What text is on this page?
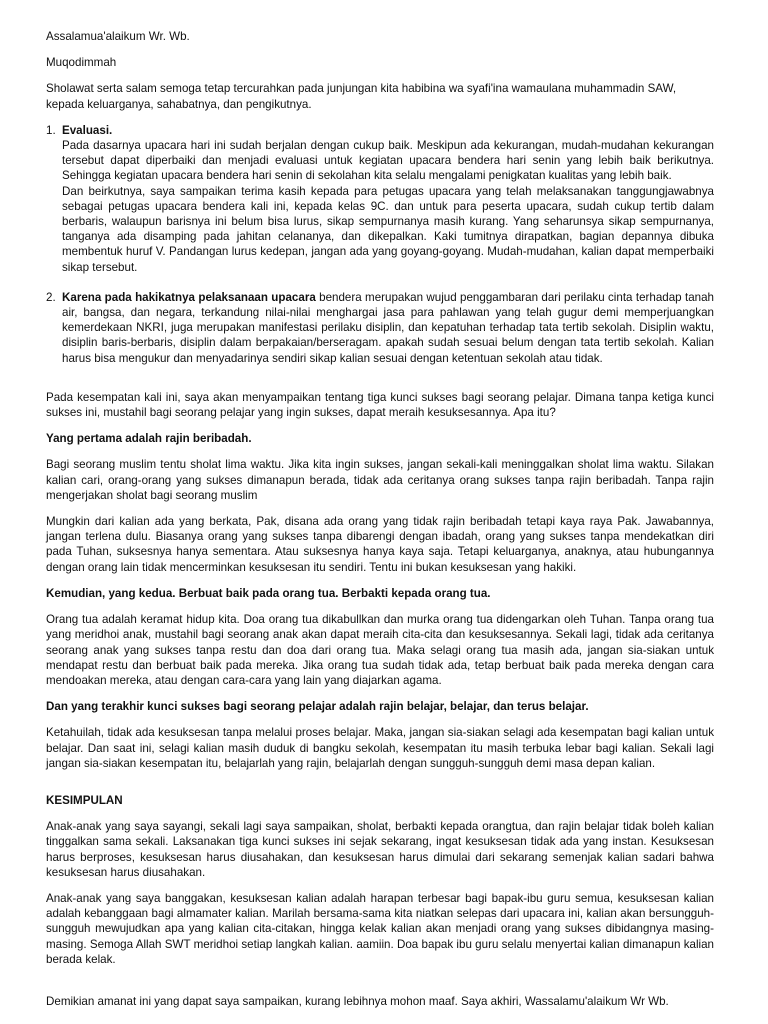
Assalamua'alaikum Wr. Wb.

Muqodimmah

Sholawat serta salam semoga tetap tercurahkan pada junjungan kita habibina wa syafi'ina wamaulana muhammadin SAW, kepada keluarganya, sahabatnya, dan pengikutnya.

1. Evaluasi.

Pada dasarnya upacara hari ini sudah berjalan dengan cukup baik. Meskipun ada kekurangan, mudah-mudahan kekurangan tersebut dapat diperbaiki dan menjadi evaluasi untuk kegiatan upacara bendera hari senin yang lebih baik berikutnya. Sehingga kegiatan upacara bendera hari senin di sekolahan kita selalu mengalami penigkatan kualitas yang lebih baik.

Dan beirkutnya, saya sampaikan terima kasih kepada para petugas upacara yang telah melaksanakan tanggungjawabnya sebagai petugas upacara bendera kali ini, kepada kelas 9C. dan untuk para peserta upacara, sudah cukup tertib dalam berbaris, walaupun barisnya ini belum bisa lurus, sikap sempurnanya masih kurang. Yang seharunsya sikap sempurnanya, tanganya ada disamping pada jahitan celananya, dan dikepalkan. Kaki tumitnya dirapatkan, bagian depannya dibuka membentuk huruf V. Pandangan lurus kedepan, jangan ada yang goyang-goyang. Mudah-mudahan, kalian dapat memperbaiki sikap tersebut.

2. Karena pada hakikatnya pelaksanaan upacara bendera merupakan wujud penggambaran dari perilaku cinta terhadap tanah air, bangsa, dan negara, terkandung nilai-nilai menghargai jasa para pahlawan yang telah gugur demi memperjuangkan kemerdekaan NKRI, juga merupakan manifestasi perilaku disiplin, dan kepatuhan terhadap tata tertib sekolah. Disiplin waktu, disiplin baris-berbaris, disiplin dalam berpakaian/berseragam. apakah sudah sesuai belum dengan tata tertib sekolah. Kalian harus bisa mengukur dan menyadarinya sendiri sikap kalian sesuai dengan ketentuan sekolah atau tidak.

Pada kesempatan kali ini, saya akan menyampaikan tentang tiga kunci sukses bagi seorang pelajar. Dimana tanpa ketiga kunci sukses ini, mustahil bagi seorang pelajar yang ingin sukses, dapat meraih kesuksesannya. Apa itu?

Yang pertama adalah rajin beribadah.

Bagi seorang muslim tentu sholat lima waktu. Jika kita ingin sukses, jangan sekali-kali meninggalkan sholat lima waktu. Silakan kalian cari, orang-orang yang sukses dimanapun berada, tidak ada ceritanya orang sukses tanpa rajin beribadah. Tanpa rajin mengerjakan sholat bagi seorang muslim

Mungkin dari kalian ada yang berkata, Pak, disana ada orang yang tidak rajin beribadah tetapi kaya raya Pak. Jawabannya, jangan terlena dulu. Biasanya orang yang sukses tanpa dibarengi dengan ibadah, orang yang sukses tanpa mendekatkan diri pada Tuhan, suksesnya hanya sementara. Atau suksesnya hanya kaya saja. Tetapi keluarganya, anaknya, atau hubungannya dengan orang lain tidak mencerminkan kesuksesan itu sendiri. Tentu ini bukan kesuksesan yang hakiki.

Kemudian, yang kedua. Berbuat baik pada orang tua. Berbakti kepada orang tua.

Orang tua adalah keramat hidup kita. Doa orang tua dikabullkan dan murka orang tua didengarkan oleh Tuhan. Tanpa orang tua yang meridhoi anak, mustahil bagi seorang anak akan dapat meraih cita-cita dan kesuksesannya. Sekali lagi, tidak ada ceritanya seorang anak yang sukses tanpa restu dan doa dari orang tua. Maka selagi orang tua masih ada, jangan sia-siakan untuk mendapat restu dan berbuat baik pada mereka. Jika orang tua sudah tidak ada, tetap berbuat baik pada mereka dengan cara mendoakan mereka, atau dengan cara-cara yang lain yang diajarkan agama.

Dan yang terakhir kunci sukses bagi seorang pelajar adalah rajin belajar, belajar, dan terus belajar.

Ketahuilah, tidak ada kesuksesan tanpa melalui proses belajar. Maka, jangan sia-siakan selagi ada kesempatan bagi kalian untuk belajar. Dan saat ini, selagi kalian masih duduk di bangku sekolah, kesempatan itu masih terbuka lebar bagi kalian. Sekali lagi jangan sia-siakan kesempatan itu, belajarlah yang rajin, belajarlah dengan sungguh-sungguh demi masa depan kalian.

KESIMPULAN

Anak-anak yang saya sayangi, sekali lagi saya sampaikan, sholat, berbakti kepada orangtua, dan rajin belajar tidak boleh kalian tinggalkan sama sekali. Laksanakan tiga kunci sukses ini sejak sekarang, ingat kesuksesan tidak ada yang instan. Kesuksesan harus berproses, kesuksesan harus diusahakan, dan kesuksesan harus dimulai dari sekarang semenjak kalian sadari bahwa kesuksesan harus diusahakan.

Anak-anak yang saya banggakan, kesuksesan kalian adalah harapan terbesar bagi bapak-ibu guru semua, kesuksesan kalian adalah kebanggaan bagi almamater kalian. Marilah bersama-sama kita niatkan selepas dari upacara ini, kalian akan bersungguh-sungguh mewujudkan apa yang kalian cita-citakan, hingga kelak kalian akan menjadi orang yang sukses dibidangnya masing-masing. Semoga Allah SWT meridhoi setiap langkah kalian. aamiin. Doa bapak ibu guru selalu menyertai kalian dimanapun kalian berada kelak.

Demikian amanat ini yang dapat saya sampaikan, kurang lebihnya mohon maaf. Saya akhiri, Wassalamu'alaikum Wr Wb.
